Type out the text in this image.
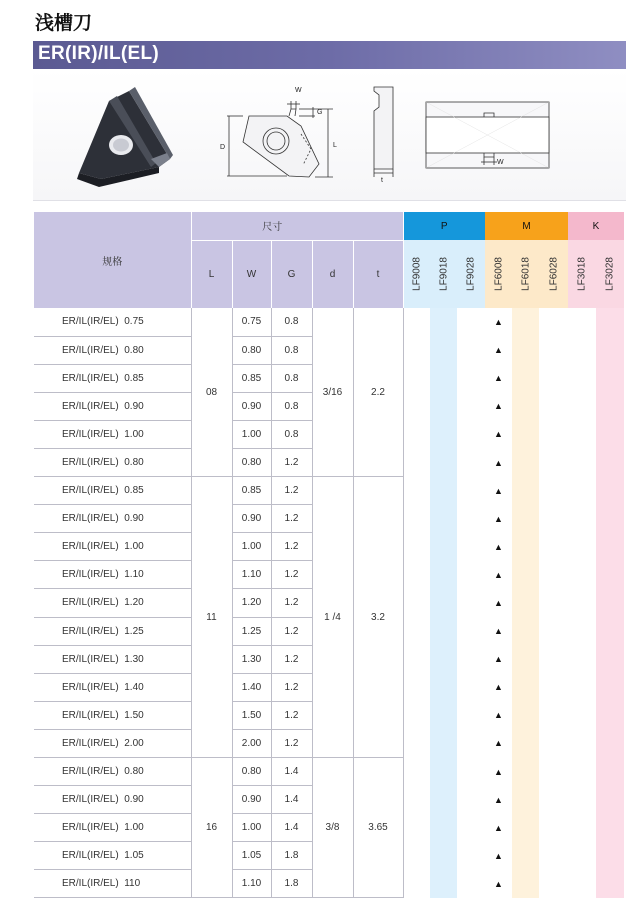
浅槽刀
ER(IR)/IL(EL)
W
G
D	L
t
W
规格	尺寸					P			M			K	
	L	W	G	d	t	LF9008	LF9018	LF9028	LF6008	LF6018	LF6028	LF3018	LF3028

ER/IL(IR/EL)  0.75	08	0.75	0.8	3/16	2.2				▲				
ER/IL(IR/EL)  0.80		0.80	0.8						▲				
ER/IL(IR/EL)  0.85		0.85	0.8						▲				
ER/IL(IR/EL)  0.90		0.90	0.8						▲				
ER/IL(IR/EL)  1.00		1.00	0.8						▲				
ER/IL(IR/EL)  0.80		0.80	1.2						▲				
ER/IL(IR/EL)  0.85	11	0.85	1.2	1 /4	3.2				▲				
ER/IL(IR/EL)  0.90		0.90	1.2						▲				
ER/IL(IR/EL)  1.00		1.00	1.2						▲				
ER/IL(IR/EL)  1.10		1.10	1.2						▲				
ER/IL(IR/EL)  1.20		1.20	1.2						▲				
ER/IL(IR/EL)  1.25		1.25	1.2						▲				
ER/IL(IR/EL)  1.30		1.30	1.2						▲				
ER/IL(IR/EL)  1.40		1.40	1.2						▲				
ER/IL(IR/EL)  1.50		1.50	1.2						▲				
ER/IL(IR/EL)  2.00		2.00	1.2						▲				
ER/IL(IR/EL)  0.80	16	0.80	1.4	3/8	3.65				▲				
ER/IL(IR/EL)  0.90		0.90	1.4						▲				
ER/IL(IR/EL)  1.00		1.00	1.4						▲				
ER/IL(IR/EL)  1.05		1.05	1.8						▲				
ER/IL(IR/EL)  110		1.10	1.8						▲				
